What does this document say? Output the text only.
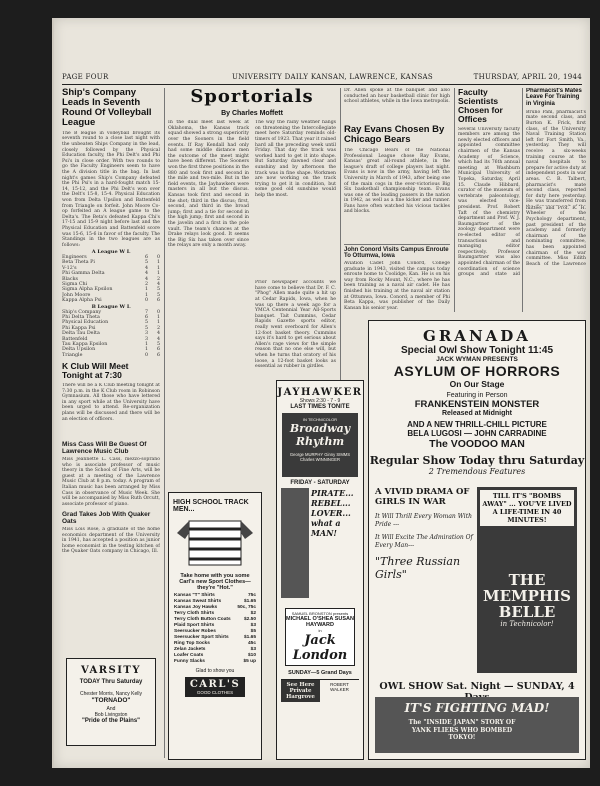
PAGE FOUR	UNIVERSITY DAILY KANSAN, LAWRENCE, KANSAS	THURSDAY, APRIL 20, 1944
Ship's Company Leads In Seventh Round Of Volleyball League
The B league in volleyball brought its seventh round to a close last night with the unbeaten Ships Company in the lead, closely followed by the Physical Education faculty, the Phi Delt's and Phi Psi's in close order. With two rounds to go the Faculty Engineers seem to have the A division title in the bag. In last night's games Ship's Company defeated the Phi Psi's in a hard-fought match 15-14, 15-12, and the Phi Delt's won over the Delt's 15-8, 15-4. Physical Education won from Delta Upsilon and Battenfeld from Triangle on forfeit. John Moore Co-op forfeited an A league game to the Delta's. The Beta's defeated Kappa Chi's 17-15 and 15-9 night before last and the Physical Education and Battenfeld score was 15-6, 15-6 in favor of the faculty. The Standings in the two leagues are as follows:
A League W L
Engineers	6	0
Beta Theta Pi	5	1
V-12's	4	1
Phi Gamma Delta	4	1
Blacks	4	2
Sigma Chi	2	4
Sigma Alpha Epsilon	1	5
John Moore	1	5
Kappa Alpha Psi	0	6
B League W L
Ship's Company	7	0
Phi Delta Theta	6	1
Physical Education	5	1
Phi Kappa Psi	5	2
Delta Tau Delta	3	4
Battenfeld	3	4
Tau Kappa Epsilon	1	5
Delta Upsilon	1	6
Triangle	0	6
K Club Will Meet Tonight at 7:30
There will be a K Club meeting tonight at 7:30 p.m. in the K Club room in Robinson Gymnasium. All those who have lettered in any sport while at the University have been urged to attend. Re-organization plans will be discussed and there will be an election of officers.
Miss Cass Will Be Guest Of Lawrence Music Club
Miss Jeannette L. Cass, mezzo-soprano who is associate professor of music theory in the School of Fine Arts, will be guest at a meeting of the Lawrence Music Club at 8 p.m. today. A program of Italian music has been arranged by Miss Cass in observance of Music Week. She will be accompanied by Miss Ruth Orcutt, associate professor of piano.
Grad Takes Job With Quaker Oats
Miss Lois Rose, a graduate of the home economics department of the University in 1941, has accepted a position as junior home economist in the testing kitchen of the Quaker Oats company in Chicago, Ill.
VARSITY
TODAY Thru Saturday
Chester Morris, Nancy Kelly
"TORNADO"
And
Bob Livingston
"Pride of the Plains"
Sportorials
By Charles Moffett
In the dual meet last week at Oklahoma, the Kansas track squad showed a strong superiority over the Sooners in the field events. If Ray Kendall had only had some middle distance men the outcome of the meet might have been different. The Sooners won the first three positions in the 880 and took first and second in the mile and two-mile. But in the field events, the Jayhawkers were masters in all but the discus. Kansas took first and second in the shot; third in the discus; first, second, and third in the broad jump; first and a tie for second in the high jump; first and second in the javelin and a first in the pole vault. The team's chances at the Drake relays look good. It seems the Big Six has taken over since the relays are only a month away.
The way the rainy weather hangs on threatening the Intercollegiate meet here Saturday reminds old-timers of 1923. That year it rained hard all the preceding week until Friday. That day the track was worked hard to get it into shape. But Saturday dawned clear and sunshiny and by afternoon the track was in fine shape. Workmen are now working on the track trying to get it in condition, but some good old sunshine would help the most.
Prior newspaper accounts we have come to believe that Dr. F. C. "Phog" Allen made quite a hit up at Cedar Rapids, Iowa, when he was up there a week ago for a YMCA Centennial Year All-Sports banquet. Tait Cummins, Cedar Rapids Gazette sports editor, really went overboard for Allen's 12-foot basket theory. Cummins says it's hard to get serious about Allen's rage views for the simple reason that no one else will, but when he turns that oratory of his loose, a 12-foot basket looks as essential as rubber in girdles.
HIGH SCHOOL TRACK MEN...
Take home with you some Carl's new Sport Clothes—they're "Hot."
Kansas "T" Shirts	75c
Kansas Sweat Shirts	$1.65
Kansas Joy Hawks	50c, 75c
Terry Cloth Shirts	$2
Terry Cloth Button Coats	$2.50
Plaid Sport Shirts	$3
Seersucker Robes	$5
Seersucker Sport Shirts	$1.65
Ring Top Socks	45c
Zelan Jackets	$3
Loafer Coats	$10
Funny Slacks	$5 up
Glad to show you
CARL'S
GOOD CLOTHES
Dr. Allen spoke at the banquet and also conducted an hour basketball clinic for high school athletes, while in the Iowa metropolis.
Ray Evans Chosen By Chicago Bears
The Chicago Bears of the National Professional League chose Ray Evans, Kansas' great all-round athlete, in the league's draft of college players last night. Evans is now in the army, having left the University in March of 1943, after being one of the main cogs in the ever-victorious Big Six basketball championship team. Evans was one of the leading passers in the nation in 1942, as well as a fine kicker and runner. Fans have often watched his vicious tackles and blocks.
John Conord Visits Campus Enroute To Ottumwa, Iowa
Aviation Cadet John Conord, College graduate in 1943, visited the campus today enroute home to Coolidge, Kan. He is on his way from Rocky Mount, N.C., where he has been training as a naval air cadet. He has finished his training at the naval air station at Ottumwa, Iowa. Conord, a member of Phi Beta Kappa, was publisher of the Daily Kansan his senior year.
JAYHAWKER
Shows 2:30 - 7 - 9
LAST TIMES TONITE
IN TECHNICOLOR
Broadway Rhythm
George MURPHY Ginny SIMMS Charles WINNINGER
FRIDAY - SATURDAY
PIRATE... REBEL... LOVER... what a MAN!
SAMUEL BRONSTON presents
MICHAEL O'SHEA SUSAN HAYWARD
in
Jack London
SUNDAY—5 Grand Days
See Here Private Hargrove
ROBERT WALKER
Faculty Scientists Chosen for Offices
Several University faculty members are among the newly elected officers and appointed committee chairmen of the Kansas Academy of Science, which had its 76th annual meeting at Washburn Municipal University of Topeka, Saturday, April 15. Claude Hibbard, curator of the museum of vertebrate paleontology, was elected vice-president. Prof. Robert Taft of the chemistry department and Prof. W. J. Baumgartner of the zoology department were re-elected editor of transactions and managing editor respectively. Professor Baumgartner was also appointed chairman of the coordination of science groups and state aid
Pharmacist's Mates Leave For Training in Virginia
Bruno Pahl, pharmacist's mate second class, and Burton K. Frick, first class, of the University Naval Training Station left for Fort Smith, Va., yesterday. They will receive a six-weeks training course at the naval hospitals to prepare for active duty at independent posts in war areas. C. B. Talbert, pharmacist's mate second class, reported for duty here yesterday. He was transferred from
mittee; and Prof. R. H. Wheeler of the Psychology department, past president of the academy and formerly chairman of the nominating committee, has been appointed chairman of the war committee. Miss Edith Beach of the Lawrence
GRANADA
Special Owl Show Tonight 11:45
JACK WYMAN PRESENTS
ASYLUM OF HORRORS
On Our Stage
Featuring in Person
FRANKENSTEIN MONSTER
Released at Midnight
AND A NEW THRILL-CHILL PICTURE
BELA LUGOSI — JOHN CARRADINE
The VOODOO MAN
Regular Show Today thru Saturday
2 Tremendous Features
A VIVID DRAMA OF GIRLS IN WAR
It Will Thrill Every Woman With Pride ---
It Will Excite The Admiration Of Every Man---
"Three Russian Girls"
TILL IT'S "BOMBS AWAY" ... YOU'VE LIVED A LIFE-TIME IN 40 MINUTES!
THE MEMPHIS BELLE
in Technicolor!
OWL SHOW Sat. Night — SUNDAY, 4
IT'S FIGHTING MAD!
The "INSIDE JAPAN" STORY OF YANK FLIERS WHO BOMBED TOKYO!
